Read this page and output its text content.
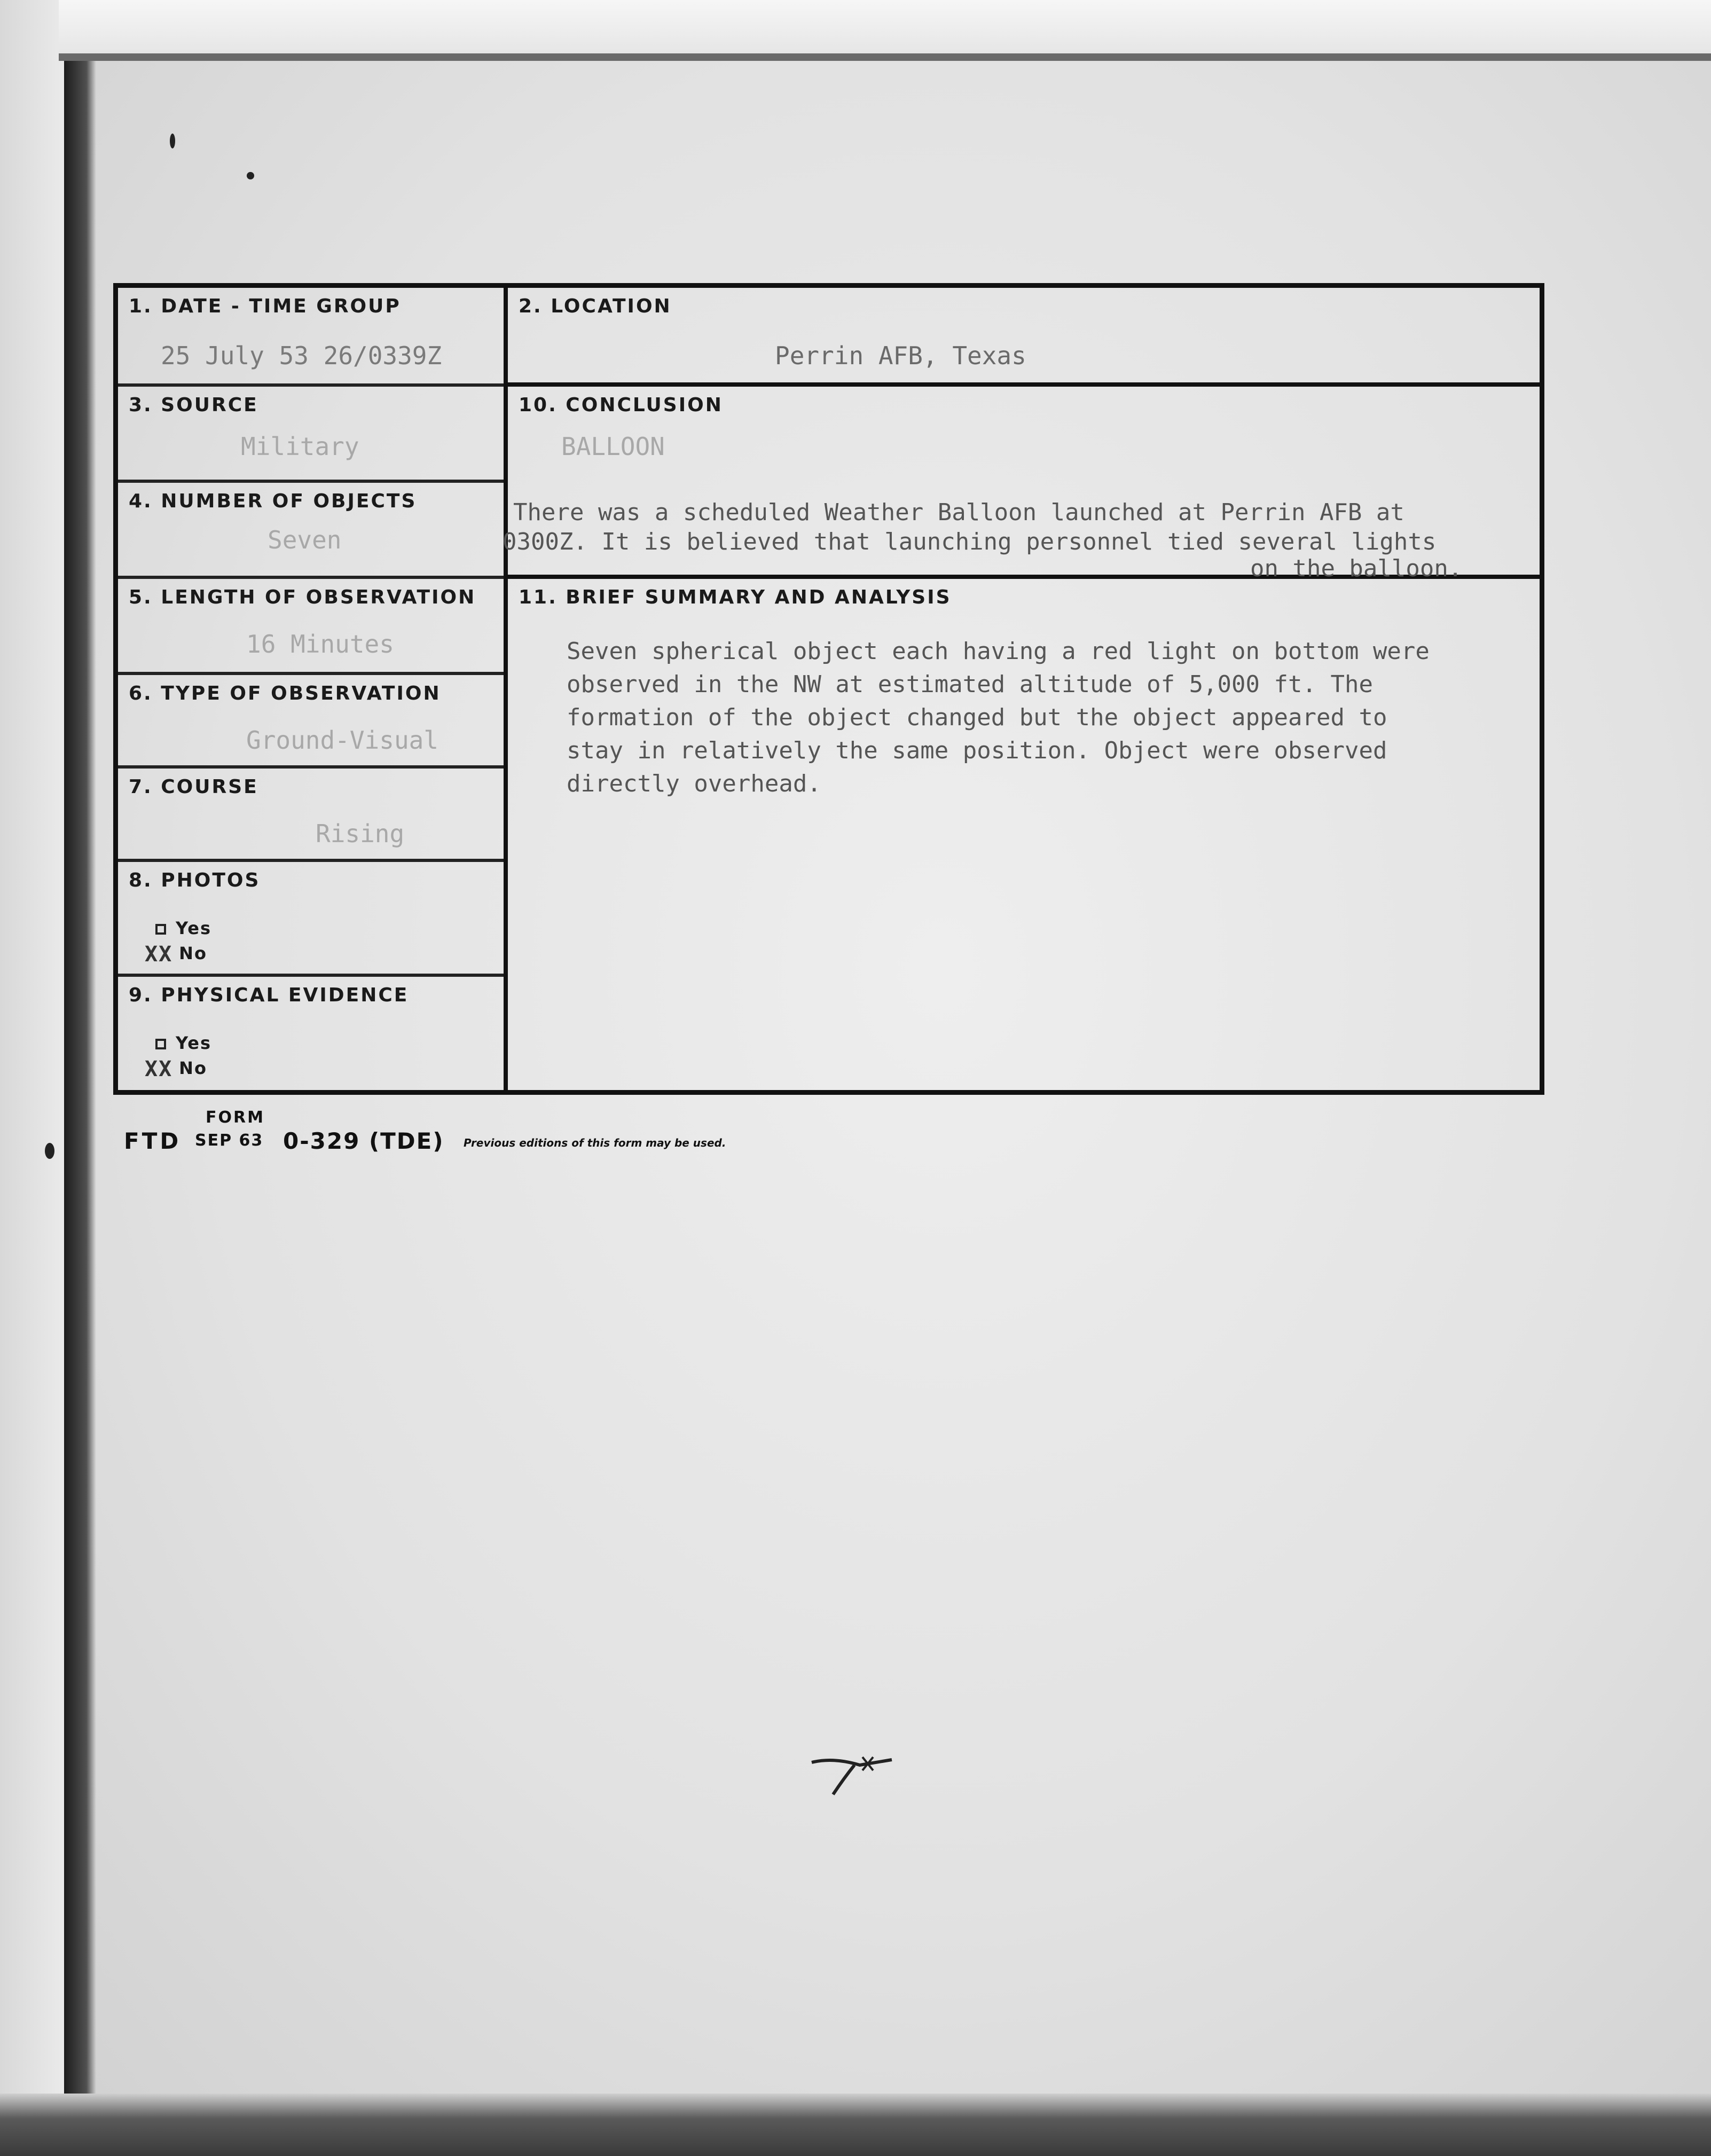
1. DATE - TIME GROUP
25 July 53 26/0339Z
3. SOURCE
Military
4. NUMBER OF OBJECTS
Seven
5. LENGTH OF OBSERVATION
16 Minutes
6. TYPE OF OBSERVATION
Ground-Visual
7. COURSE
Rising
8. PHOTOS
Yes
XX No
9. PHYSICAL EVIDENCE
Yes
XX No
2. LOCATION
Perrin AFB, Texas
10. CONCLUSION
BALLOON
There was a scheduled Weather Balloon launched at Perrin AFB at
0300Z. It is believed that launching personnel tied several lights
on the balloon.
11. BRIEF SUMMARY AND ANALYSIS
Seven spherical object each having a red light on bottom were
observed in the NW at estimated altitude of 5,000 ft. The
formation of the object changed but the object appeared to
stay in relatively the same position. Object were observed
directly overhead.
FORM
FTD SEP 63 0-329 (TDE) Previous editions of this form may be used.
